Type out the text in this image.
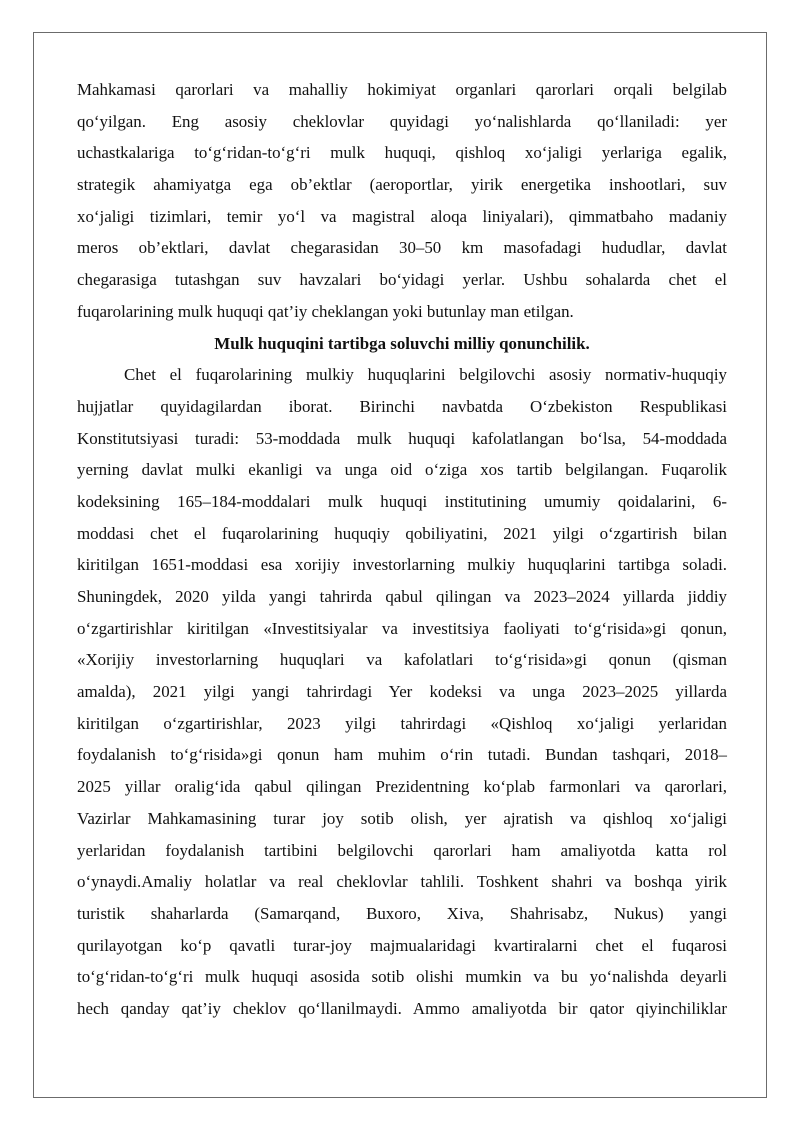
Mahkamasi qarorlari va mahalliy hokimiyat organlari qarorlari orqali belgilab
qo‘yilgan. Eng asosiy cheklovlar quyidagi yo‘nalishlarda qo‘llaniladi: yer
uchastkalariga to‘g‘ridan-to‘g‘ri mulk huquqi, qishloq xo‘jaligi yerlariga egalik,
strategik ahamiyatga ega ob’ektlar (aeroportlar, yirik energetika inshootlari, suv
xo‘jaligi tizimlari, temir yo‘l va magistral aloqa liniyalari), qimmatbaho madaniy
meros ob’ektlari, davlat chegarasidan 30–50 km masofadagi hududlar, davlat
chegarasiga tutashgan suv havzalari bo‘yidagi yerlar. Ushbu sohalarda chet el
fuqarolarining mulk huquqi qat’iy cheklangan yoki butunlay man etilgan.
Mulk huquqini tartibga soluvchi milliy qonunchilik.
Chet el fuqarolarining mulkiy huquqlarini belgilovchi asosiy normativ-huquqiy
hujjatlar quyidagilardan iborat. Birinchi navbatda O‘zbekiston Respublikasi
Konstitutsiyasi turadi: 53-moddada mulk huquqi kafolatlangan bo‘lsa, 54-moddada
yerning davlat mulki ekanligi va unga oid o‘ziga xos tartib belgilangan. Fuqarolik
kodeksining 165–184-moddalari mulk huquqi institutining umumiy qoidalarini, 6-
moddasi chet el fuqarolarining huquqiy qobiliyatini, 2021 yilgi o‘zgartirish bilan
kiritilgan 1651-moddasi esa xorijiy investorlarning mulkiy huquqlarini tartibga soladi.
Shuningdek, 2020 yilda yangi tahrirda qabul qilingan va 2023–2024 yillarda jiddiy
o‘zgartirishlar kiritilgan «Investitsiyalar va investitsiya faoliyati to‘g‘risida»gi qonun,
«Xorijiy investorlarning huquqlari va kafolatlari to‘g‘risida»gi qonun (qisman
amalda), 2021 yilgi yangi tahrirdagi Yer kodeksi va unga 2023–2025 yillarda
kiritilgan o‘zgartirishlar, 2023 yilgi tahrirdagi «Qishloq xo‘jaligi yerlaridan
foydalanish to‘g‘risida»gi qonun ham muhim o‘rin tutadi. Bundan tashqari, 2018–
2025 yillar oralig‘ida qabul qilingan Prezidentning ko‘plab farmonlari va qarorlari,
Vazirlar Mahkamasining turar joy sotib olish, yer ajratish va qishloq xo‘jaligi
yerlaridan foydalanish tartibini belgilovchi qarorlari ham amaliyotda katta rol
o‘ynaydi.Amaliy holatlar va real cheklovlar tahlili. Toshkent shahri va boshqa yirik
turistik shaharlarda (Samarqand, Buxoro, Xiva, Shahrisabz, Nukus) yangi
qurilayotgan ko‘p qavatli turar-joy majmualaridagi kvartiralarni chet el fuqarosi
to‘g‘ridan-to‘g‘ri mulk huquqi asosida sotib olishi mumkin va bu yo‘nalishda deyarli
hech qanday qat’iy cheklov qo‘llanilmaydi. Ammo amaliyotda bir qator qiyinchiliklar
